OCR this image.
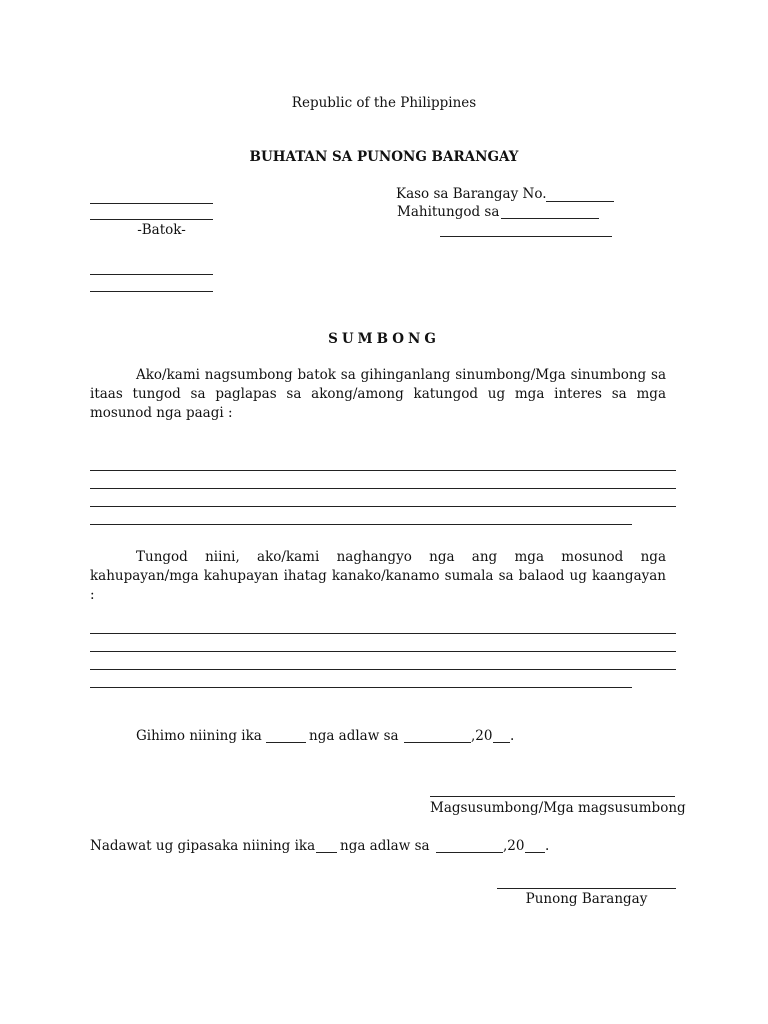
Republic of the Philippines
BUHATAN SA PUNONG BARANGAY
-Batok-
Kaso sa Barangay No.
Mahitungod sa
SUMBONG
Ako/kami nagsumbong batok sa gihinganlang sinumbong/Mga sinumbong sa itaas tungod sa paglapas sa akong/among katungod ug mga interes sa mga mosunod nga paagi :
Tungod niini, ako/kami naghangyo nga ang mga mosunod nga kahupayan/mga kahupayan ihatag kanako/kanamo sumala sa balaod ug kaangayan :
Gihimo niining ika	nga adlaw sa	,20 .
Magsusumbong/Mga magsusumbong
Nadawat ug gipasaka niining ika nga adlaw sa	,20 .
Punong Barangay
